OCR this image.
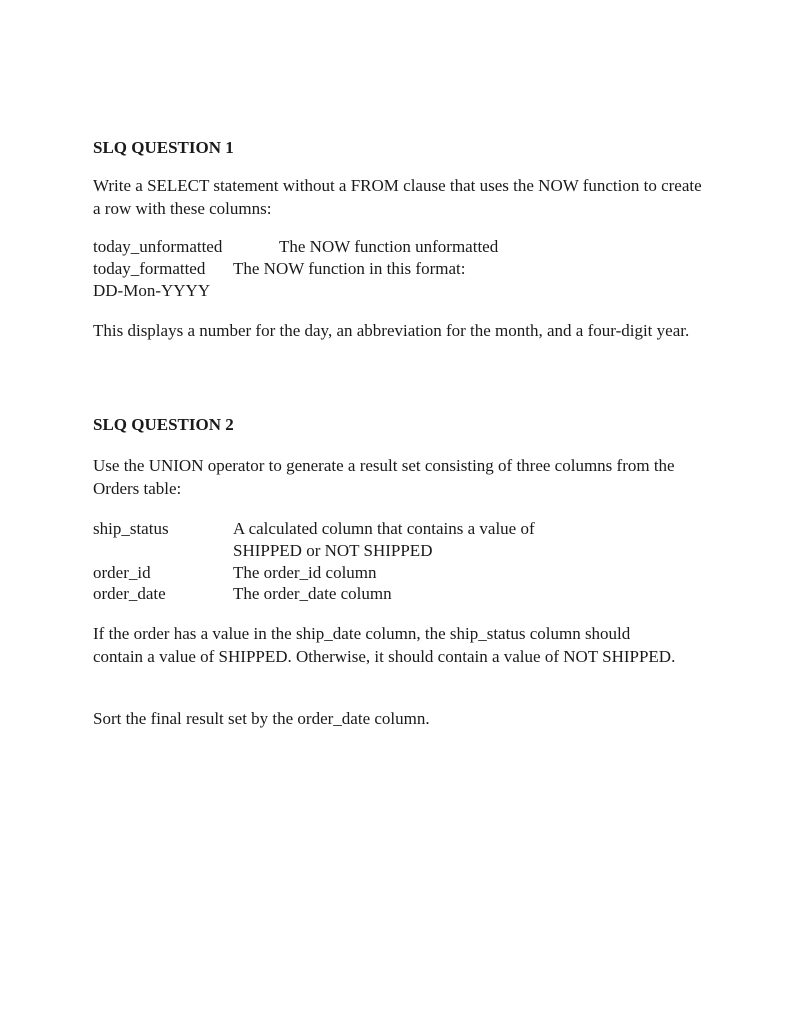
SLQ QUESTION 1
Write a SELECT statement without a FROM clause that uses the NOW function to create a row with these columns:
today_unformatted	The NOW function unformatted
today_formatted The NOW function in this format:
DD-Mon-YYYY
This displays a number for the day, an abbreviation for the month, and a four-digit year.
SLQ QUESTION 2
Use the UNION operator to generate a result set consisting of three columns from the Orders table:
ship_status	A calculated column that contains a value of
SHIPPED or NOT SHIPPED
order_id	The order_id column
order_date	The order_date column
If the order has a value in the ship_date column, the ship_status column should contain a value of SHIPPED. Otherwise, it should contain a value of NOT SHIPPED.
Sort the final result set by the order_date column.
